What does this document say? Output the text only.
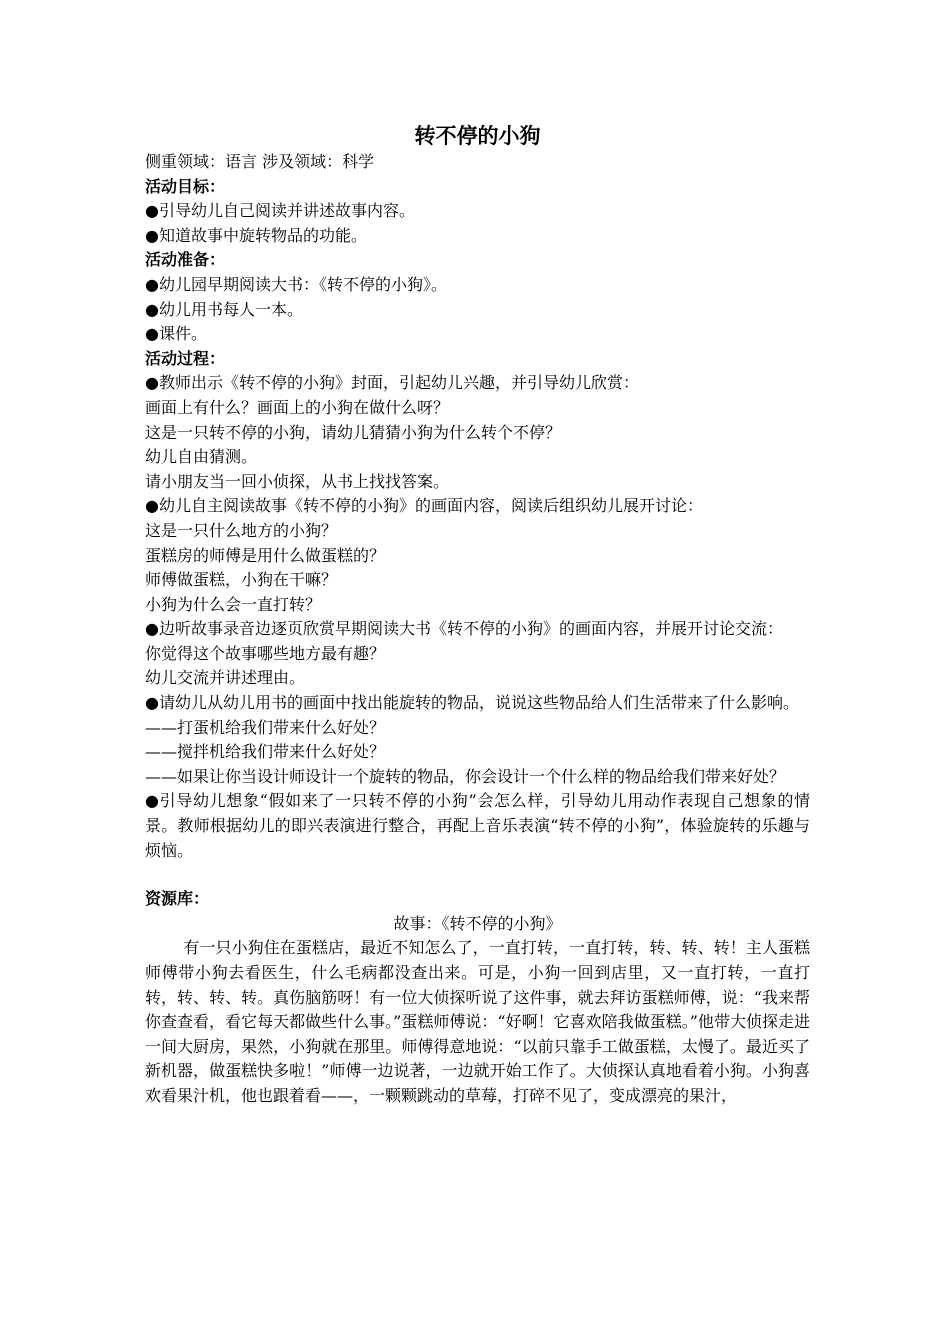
转不停的小狗

侧重领域：语言 涉及领域：科学

活动目标：

●引导幼儿自己阅读并讲述故事内容。

●知道故事中旋转物品的功能。

活动准备：

●幼儿园早期阅读大书：《转不停的小狗》。

●幼儿用书每人一本。

●课件。

活动过程：

●教师出示《转不停的小狗》封面，引起幼儿兴趣，并引导幼儿欣赏：

画面上有什么？画面上的小狗在做什么呀？

这是一只转不停的小狗，请幼儿猜猜小狗为什么转个不停？

幼儿自由猜测。

请小朋友当一回小侦探，从书上找找答案。

●幼儿自主阅读故事《转不停的小狗》的画面内容，阅读后组织幼儿展开讨论：

这是一只什么地方的小狗？

蛋糕房的师傅是用什么做蛋糕的？

师傅做蛋糕，小狗在干嘛？

小狗为什么会一直打转？

●边听故事录音边逐页欣赏早期阅读大书《转不停的小狗》的画面内容，并展开讨论交流：

你觉得这个故事哪些地方最有趣？

幼儿交流并讲述理由。

●请幼儿从幼儿用书的画面中找出能旋转的物品，说说这些物品给人们生活带来了什么影响。

——打蛋机给我们带来什么好处？

——搅拌机给我们带来什么好处？

——如果让你当设计师设计一个旋转的物品，你会设计一个什么样的物品给我们带来好处？

●引导幼儿想象“假如来了一只转不停的小狗”会怎么样，引导幼儿用动作表现自己想象的情景。教师根据幼儿的即兴表演进行整合，再配上音乐表演“转不停的小狗”，体验旋转的乐趣与烦恼。

资源库：

故事：《转不停的小狗》

有一只小狗住在蛋糕店，最近不知怎么了，一直打转，一直打转，转、转、转！主人蛋糕师傅带小狗去看医生，什么毛病都没查出来。可是，小狗一回到店里，又一直打转，一直打转，转、转、转。真伤脑筋呀！有一位大侦探听说了这件事，就去拜访蛋糕师傅，说：“我来帮你查查看，看它每天都做些什么事。”蛋糕师傅说：“好啊！它喜欢陪我做蛋糕。”他带大侦探走进一间大厨房，果然，小狗就在那里。师傅得意地说：“以前只靠手工做蛋糕，太慢了。最近买了新机器，做蛋糕快多啦！”师傅一边说著，一边就开始工作了。大侦探认真地看着小狗。小狗喜欢看果汁机，他也跟着看——，一颗颗跳动的草莓，打碎不见了，变成漂亮的果汁，
